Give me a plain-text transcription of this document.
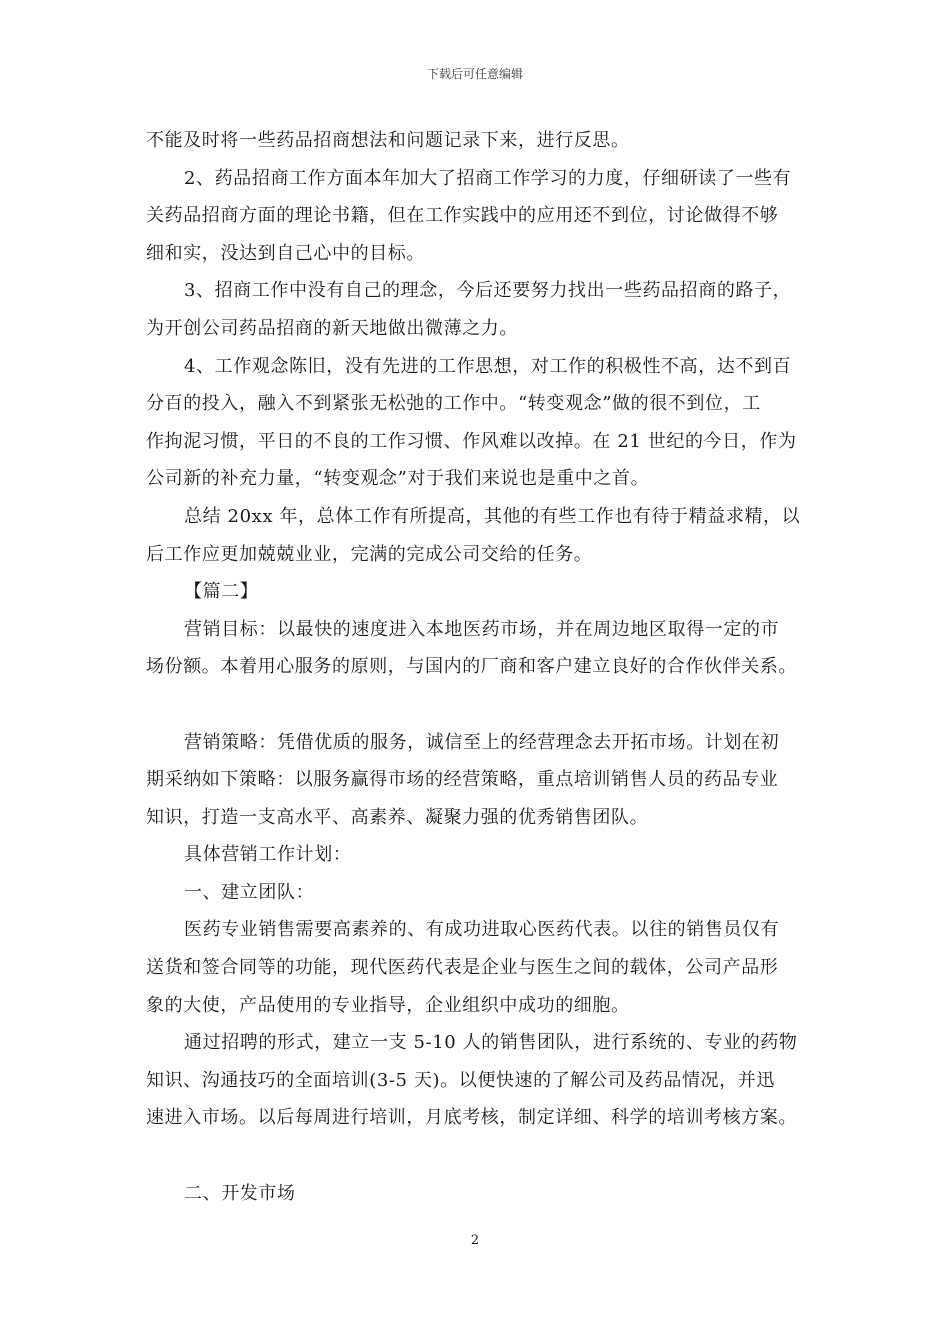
下载后可任意编辑
不能及时将一些药品招商想法和问题记录下来，进行反思。
2、药品招商工作方面本年加大了招商工作学习的力度，仔细研读了一些有
关药品招商方面的理论书籍，但在工作实践中的应用还不到位，讨论做得不够
细和实，没达到自己心中的目标。
3、招商工作中没有自己的理念，今后还要努力找出一些药品招商的路子，
为开创公司药品招商的新天地做出微薄之力。
4、工作观念陈旧，没有先进的工作思想，对工作的积极性不高，达不到百
分百的投入，融入不到紧张无松弛的工作中。“转变观念”做的很不到位，工
作拘泥习惯，平日的不良的工作习惯、作风难以改掉。在 21 世纪的今日，作为
公司新的补充力量，“转变观念”对于我们来说也是重中之首。
总结 20xx 年，总体工作有所提高，其他的有些工作也有待于精益求精，以
后工作应更加兢兢业业，完满的完成公司交给的任务。
【篇二】
营销目标：以最快的速度进入本地医药市场，并在周边地区取得一定的市
场份额。本着用心服务的原则，与国内的厂商和客户建立良好的合作伙伴关系。
营销策略：凭借优质的服务，诚信至上的经营理念去开拓市场。计划在初
期采纳如下策略：以服务赢得市场的经营策略，重点培训销售人员的药品专业
知识，打造一支高水平、高素养、凝聚力强的优秀销售团队。
具体营销工作计划：
一、建立团队：
医药专业销售需要高素养的、有成功进取心医药代表。以往的销售员仅有
送货和签合同等的功能，现代医药代表是企业与医生之间的载体，公司产品形
象的大使，产品使用的专业指导，企业组织中成功的细胞。
通过招聘的形式，建立一支 5-10 人的销售团队，进行系统的、专业的药物
知识、沟通技巧的全面培训(3-5 天)。以便快速的了解公司及药品情况，并迅
速进入市场。以后每周进行培训，月底考核，制定详细、科学的培训考核方案。
二、开发市场
2
